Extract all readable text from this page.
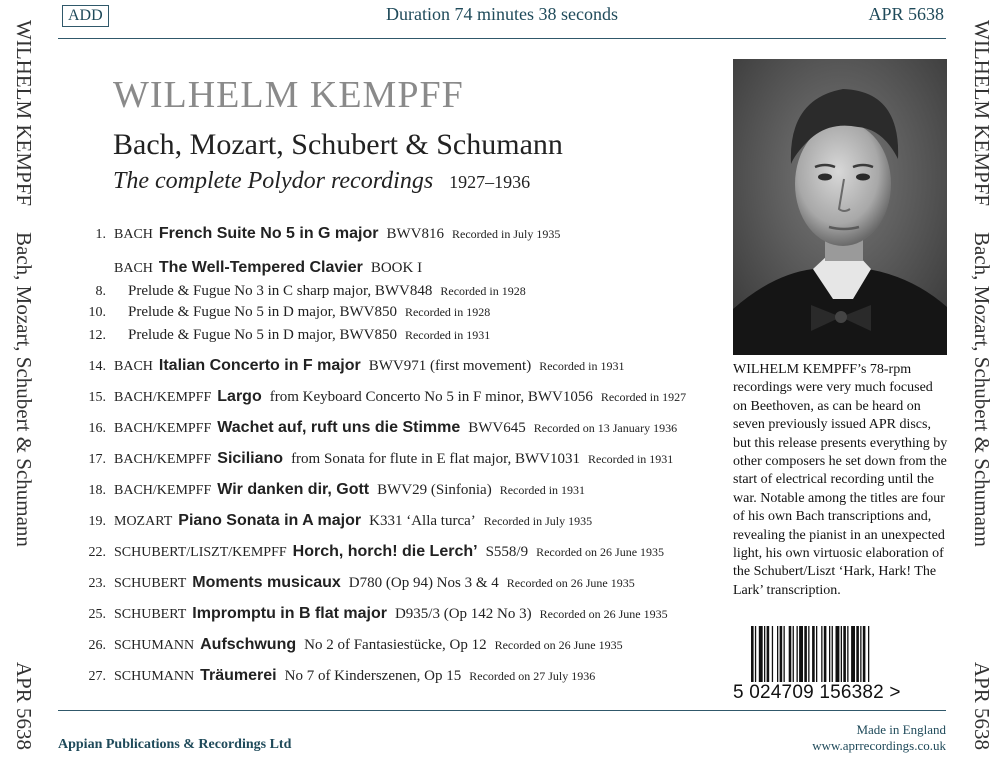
ADD	Duration 74 minutes 38 seconds	APR 5638
WILHELM KEMPFF
Bach, Mozart, Schubert & Schumann
APR 5638
WILHELM KEMPFF
Bach, Mozart, Schubert & Schumann
APR 5638
WILHELM KEMPFF
Bach, Mozart, Schubert & Schumann
The complete Polydor recordings 1927–1936
1. BACH French Suite No 5 in G major BWV816 Recorded in July 1935
BACH The Well-Tempered Clavier BOOK I
8. Prelude & Fugue No 3 in C sharp major, BWV848 Recorded in 1928
10. Prelude & Fugue No 5 in D major, BWV850 Recorded in 1928
12. Prelude & Fugue No 5 in D major, BWV850 Recorded in 1931
14. BACH Italian Concerto in F major BWV971 (first movement) Recorded in 1931
15. BACH/KEMPFF Largo from Keyboard Concerto No 5 in F minor, BWV1056 Recorded in 1927
16. BACH/KEMPFF Wachet auf, ruft uns die Stimme BWV645 Recorded on 13 January 1936
17. BACH/KEMPFF Siciliano from Sonata for flute in E flat major, BWV1031 Recorded in 1931
18. BACH/KEMPFF Wir danken dir, Gott BWV29 (Sinfonia) Recorded in 1931
19. MOZART Piano Sonata in A major K331 ‘Alla turca’ Recorded in July 1935
22. SCHUBERT/LISZT/KEMPFF Horch, horch! die Lerch’ S558/9 Recorded on 26 June 1935
23. SCHUBERT Moments musicaux D780 (Op 94) Nos 3 & 4 Recorded on 26 June 1935
25. SCHUBERT Impromptu in B flat major D935/3 (Op 142 No 3) Recorded on 26 June 1935
26. SCHUMANN Aufschwung No 2 of Fantasiestücke, Op 12 Recorded on 26 June 1935
27. SCHUMANN Träumerei No 7 of Kinderszenen, Op 15 Recorded on 27 July 1936
WILHELM KEMPFF’s 78-rpm recordings were very much focused on Beethoven, as can be heard on seven previously issued APR discs, but this release presents everything by other composers he set down from the start of electrical recording until the war. Notable among the titles are four of his own Bach transcriptions and, revealing the pianist in an unexpected light, his own virtuosic elaboration of the Schubert/Liszt ‘Hark, Hark! The Lark’ transcription.
5 024709 156382 >
Appian Publications & Recordings Ltd
Made in England
www.aprrecordings.co.uk
